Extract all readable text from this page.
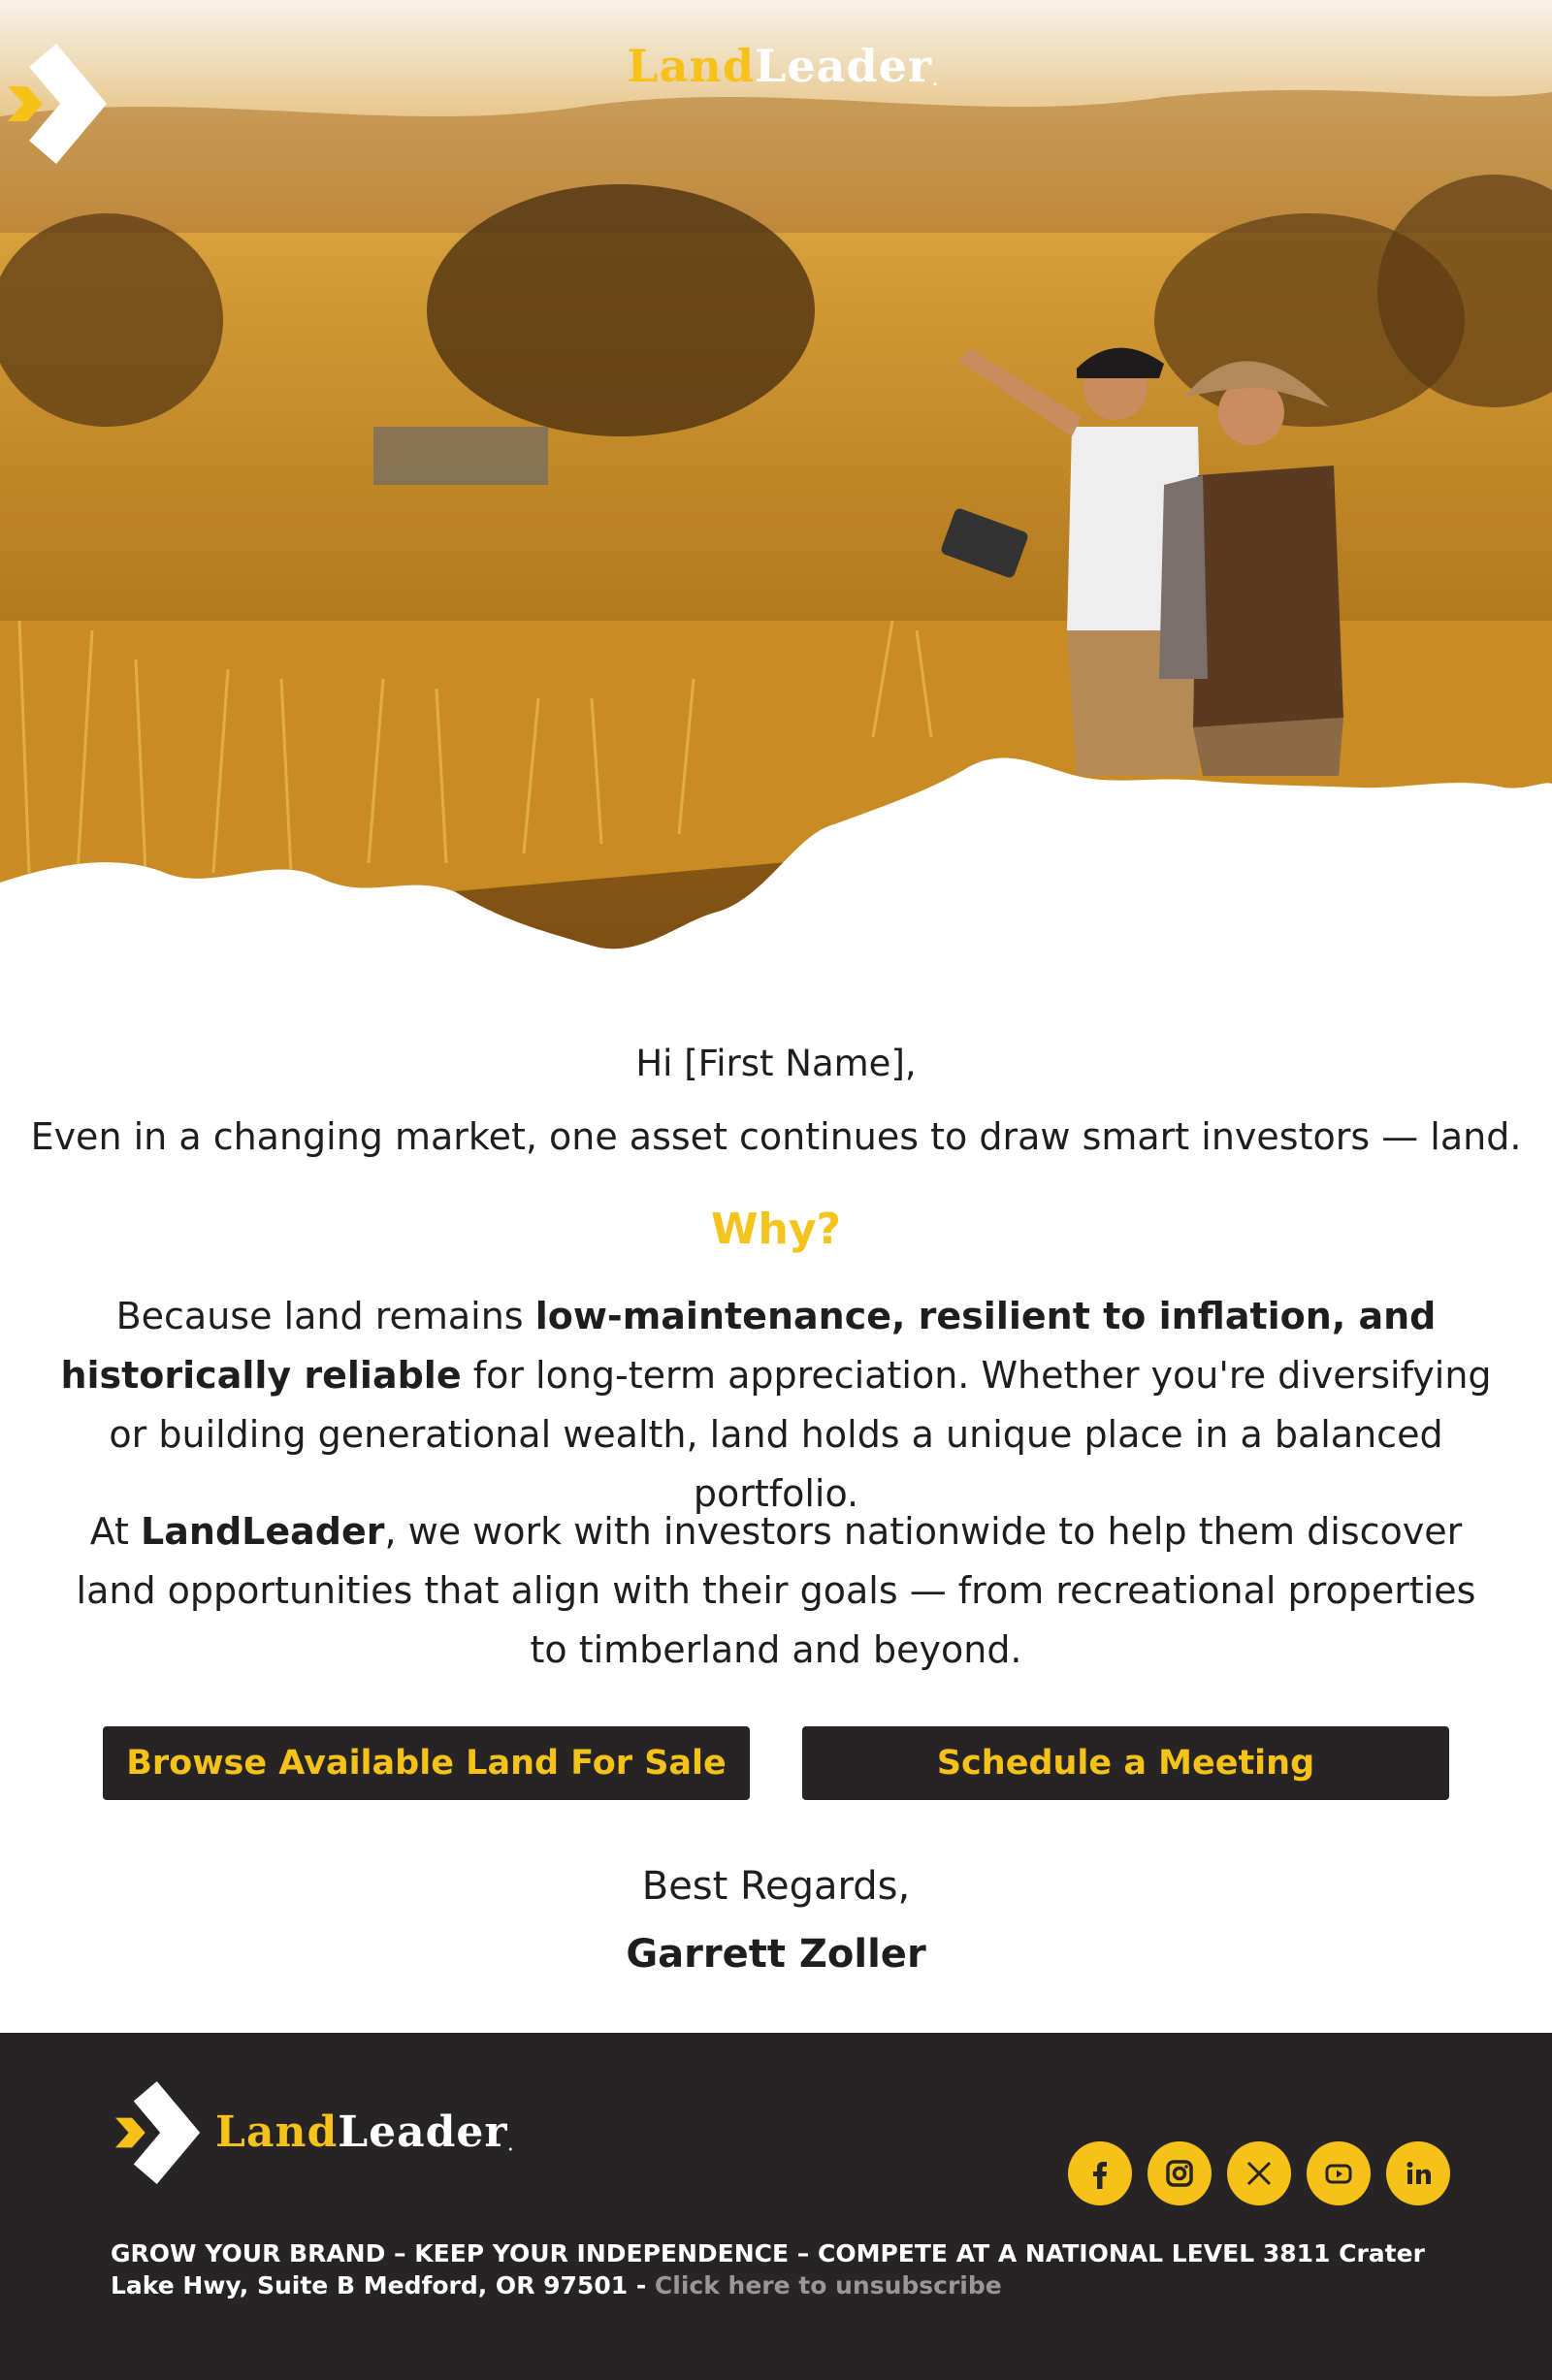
LandLeader.
Hi [First Name],
Even in a changing market, one asset continues to draw smart investors — land.
Why?
Because land remains low-maintenance, resilient to inflation, and historically reliable for long-term appreciation. Whether you're diversifying or building generational wealth, land holds a unique place in a balanced portfolio.
At LandLeader, we work with investors nationwide to help them discover land opportunities that align with their goals — from recreational properties to timberland and beyond.
Browse Available Land For Sale	Schedule a Meeting
Best Regards,
Garrett Zoller
LandLeader.
GROW YOUR BRAND – KEEP YOUR INDEPENDENCE – COMPETE AT A NATIONAL LEVEL 3811 Crater Lake Hwy, Suite B Medford, OR 97501 - Click here to unsubscribe
